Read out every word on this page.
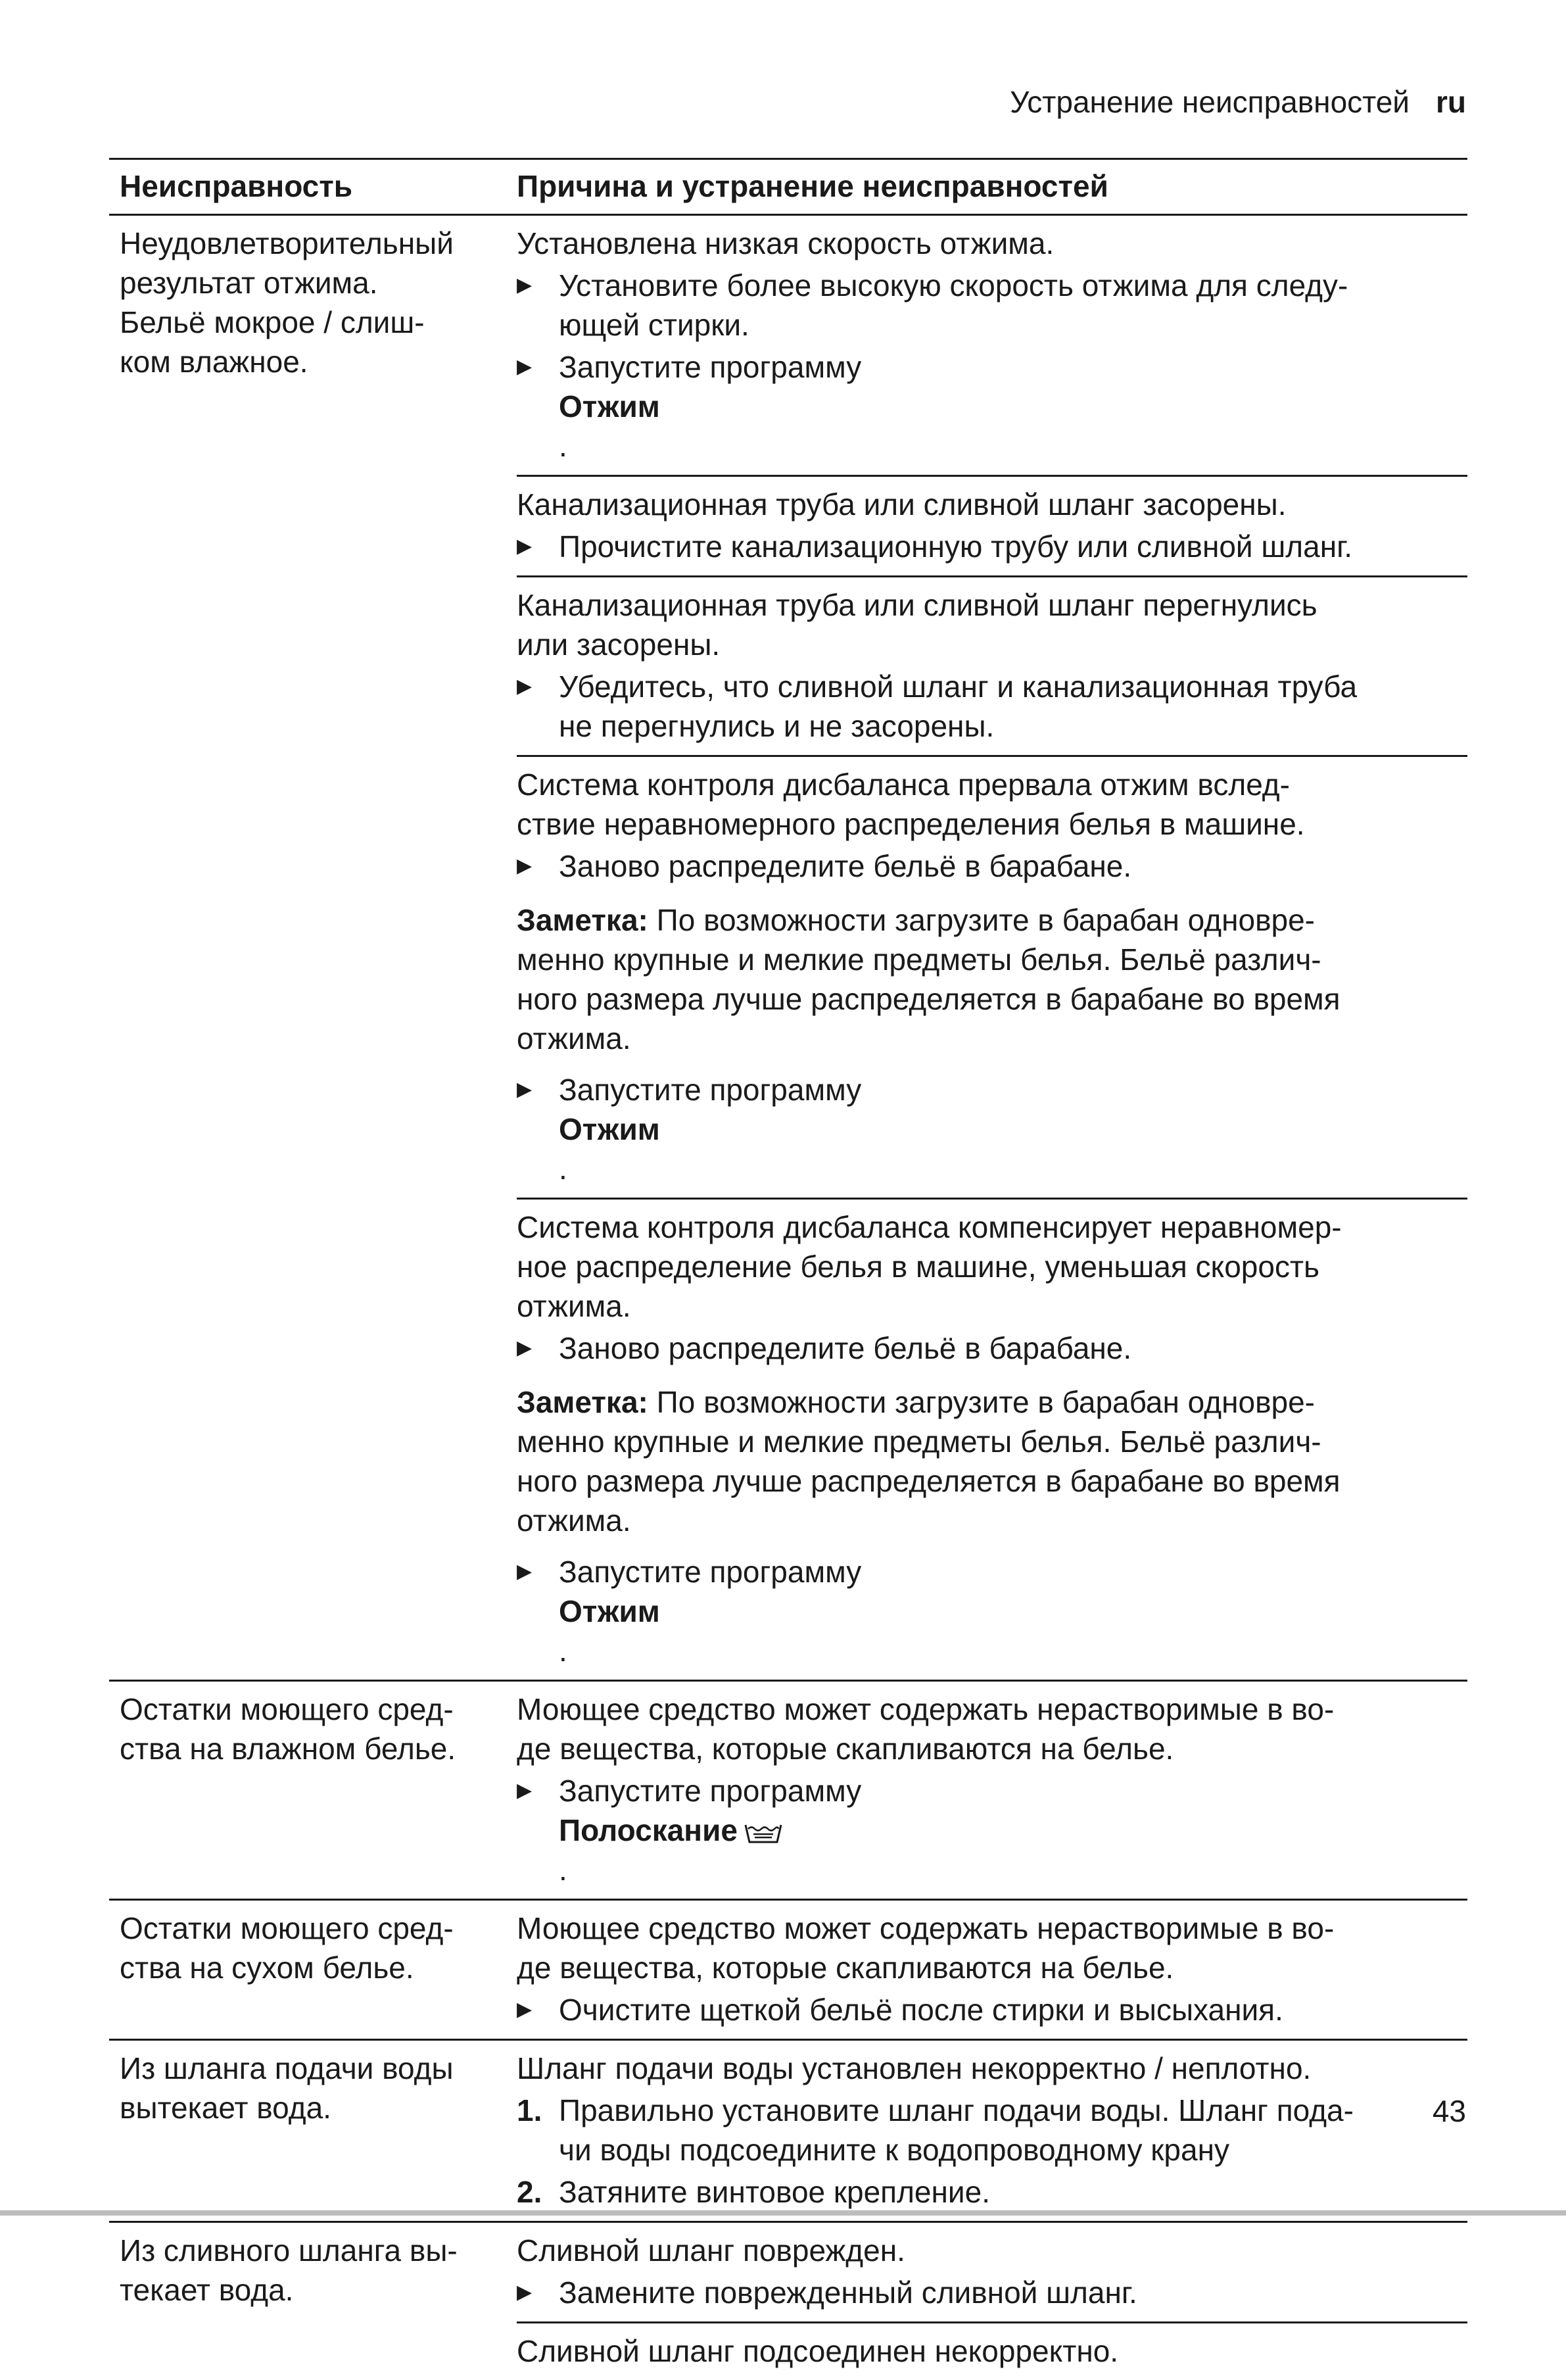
Устранение неисправностей ru
Неисправность	Причина и устранение неисправностей
Неудовлетворительный
результат отжима.
Бельё мокрое / слиш-
ком влажное.
Установлена низкая скорость отжима.
▶ Установите более высокую скорость отжима для следу-
ющей стирки.
▶ Запустите программу
Отжим
.
Канализационная труба или сливной шланг засорены.
▶ Прочистите канализационную трубу или сливной шланг.
Канализационная труба или сливной шланг перегнулись
или засорены.
▶ Убедитесь, что сливной шланг и канализационная труба
не перегнулись и не засорены.
Система контроля дисбаланса прервала отжим вслед-
ствие неравномерного распределения белья в машине.
▶ Заново распределите бельё в барабане.
Заметка: По возможности загрузите в барабан одновре-
менно крупные и мелкие предметы белья. Бельё различ-
ного размера лучше распределяется в барабане во время
отжима.
▶ Запустите программу
Отжим
.
Система контроля дисбаланса компенсирует неравномер-
ное распределение белья в машине, уменьшая скорость
отжима.
▶ Заново распределите бельё в барабане.
Заметка: По возможности загрузите в барабан одновре-
менно крупные и мелкие предметы белья. Бельё различ-
ного размера лучше распределяется в барабане во время
отжима.
▶ Запустите программу
Отжим
.
Остатки моющего сред-
ства на влажном белье.
Моющее средство может содержать нерастворимые в во-
де вещества, которые скапливаются на белье.
▶ Запустите программу
Полоскание
.
Остатки моющего сред-
ства на сухом белье.
Моющее средство может содержать нерастворимые в во-
де вещества, которые скапливаются на белье.
▶ Очистите щеткой бельё после стирки и высыхания.
Из шланга подачи воды
вытекает вода.
Шланг подачи воды установлен некорректно / неплотно.
1. Правильно установите шланг подачи воды. Шланг пода-
чи воды подсоедините к водопроводному крану
2. Затяните винтовое крепление.
Из сливного шланга вы-
текает вода.
Сливной шланг поврежден.
▶ Замените поврежденный сливной шланг.
Сливной шланг подсоединен некорректно.
43
